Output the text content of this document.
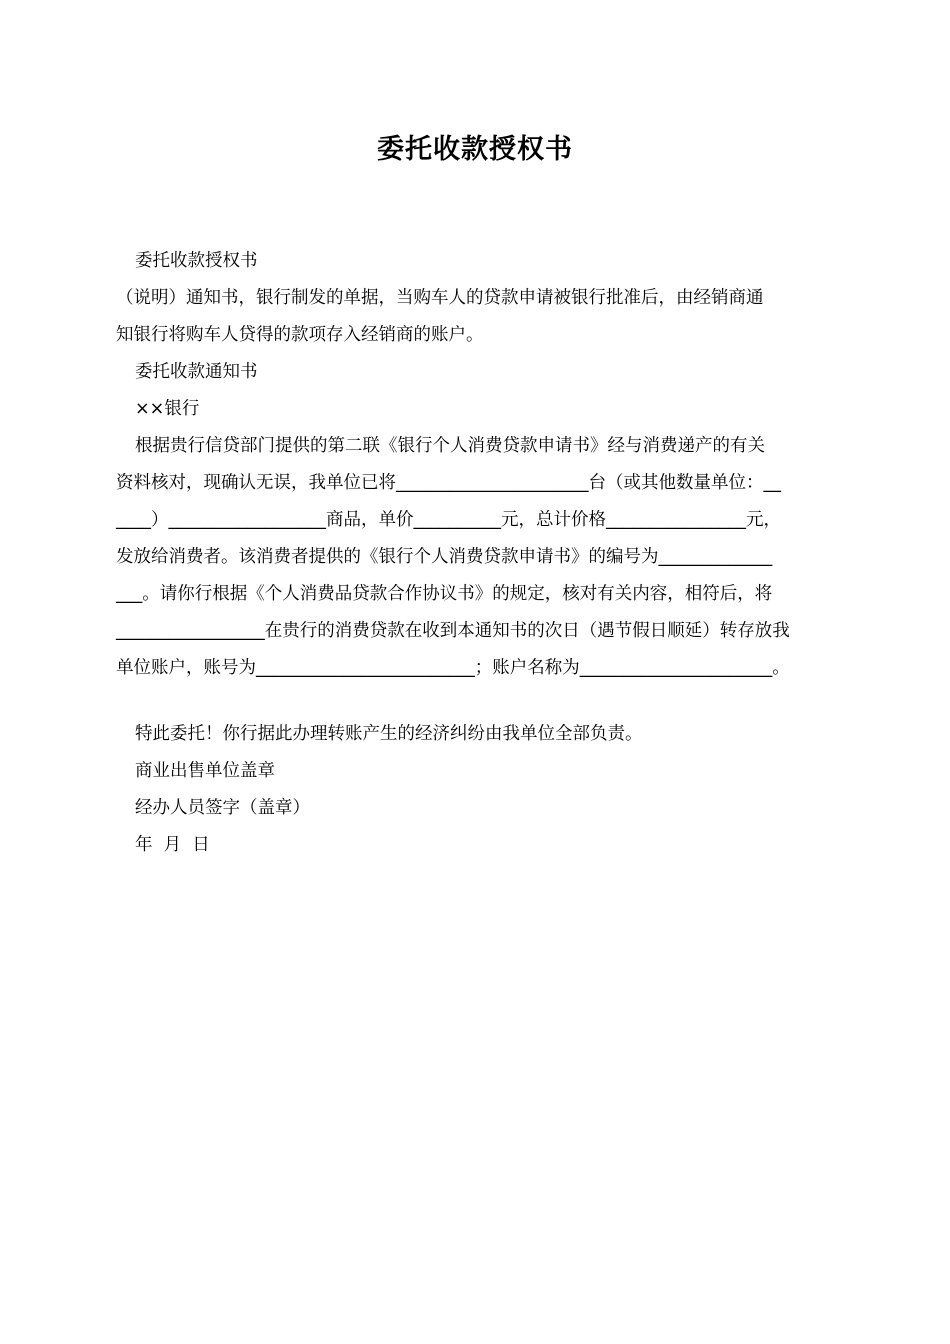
委托收款授权书

委托收款授权书

（说明）通知书，银行制发的单据，当购车人的贷款申请被银行批准后，由经销商通

知银行将购车人贷得的款项存入经销商的账户。

委托收款通知书

××银行

根据贵行信贷部门提供的第二联《银行个人消费贷款申请书》经与消费递产的有关

资料核对，现确认无误，我单位已将______________________台（或其他数量单位：__

____）__________________商品，单价__________元，总计价格________________元，

发放给消费者。该消费者提供的《银行个人消费贷款申请书》的编号为_____________

___。请你行根据《个人消费品贷款合作协议书》的规定，核对有关内容，相符后，将

_________________在贵行的消费贷款在收到本通知书的次日（遇节假日顺延）转存放我

单位账户，账号为_________________________；账户名称为______________________。

特此委托！你行据此办理转账产生的经济纠纷由我单位全部负责。

商业出售单位盖章

经办人员签字（盖章）

年  月  日
